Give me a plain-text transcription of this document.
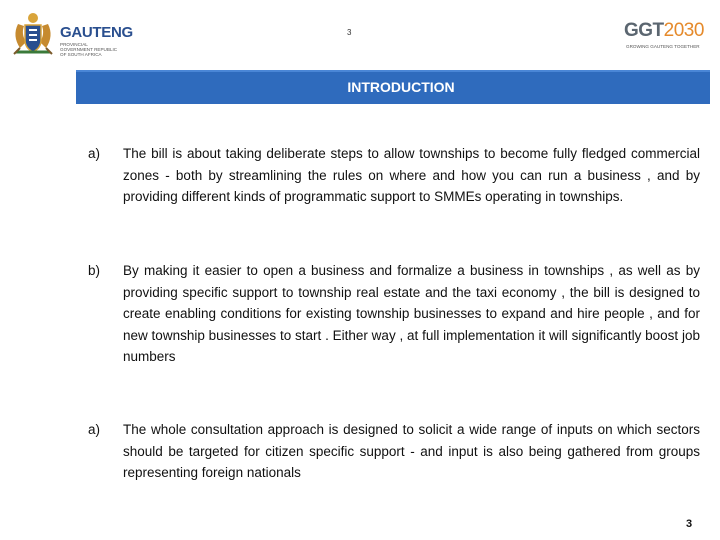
GAUTENG
PROVINCIAL GOVERNMENT REPUBLIC OF SOUTH AFRICA
3	GGT2030
GROWING GAUTENG TOGETHER
INTRODUCTION
a) The bill is about taking deliberate steps to allow townships to become fully fledged commercial zones - both by streamlining the rules on where and how you can run a business , and by providing different kinds of programmatic support to SMMEs operating in townships.

b) By making it easier to open a business and formalize a business in townships , as well as by providing specific support to township real estate and the taxi economy , the bill is designed to create enabling conditions for existing township businesses to expand and hire people , and for new township businesses to start . Either way , at full implementation it will significantly boost job numbers

a) The whole consultation approach is designed to solicit a wide range of inputs on which sectors should be targeted for citizen specific support - and input is also being gathered from groups representing foreign nationals

3
